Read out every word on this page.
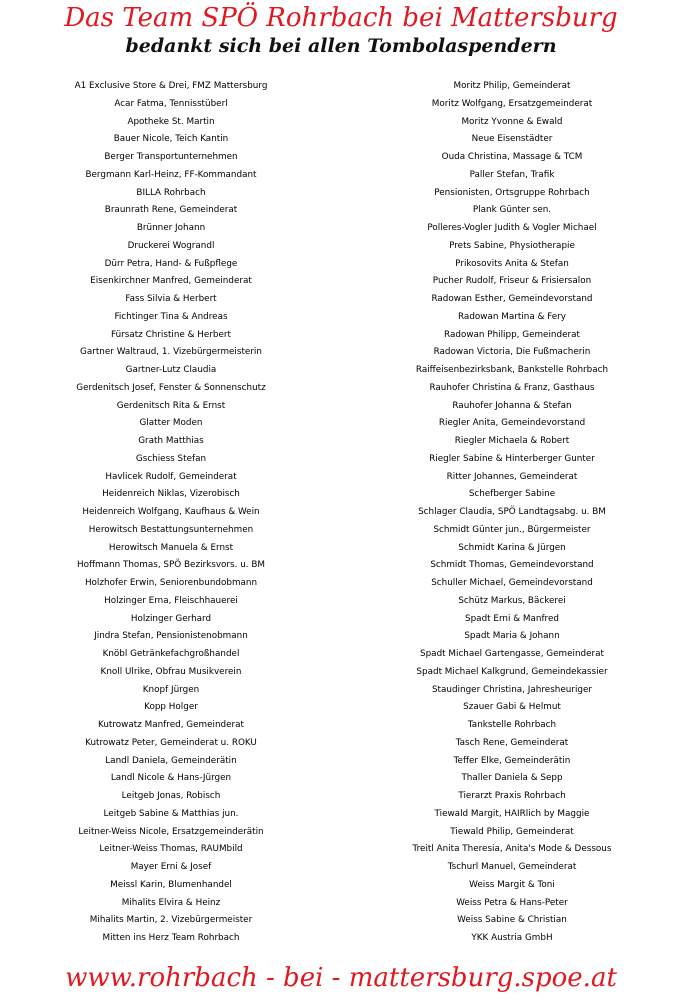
Das Team SPÖ Rohrbach bei Mattersburg
bedankt sich bei allen Tombolaspendern
A1 Exclusive Store & Drei, FMZ Mattersburg
Acar Fatma, Tennisstüberl
Apotheke St. Martin
Bauer Nicole, Teich Kantin
Berger Transportunternehmen
Bergmann Karl-Heinz, FF-Kommandant
BILLA Rohrbach
Braunrath Rene, Gemeinderat
Brünner Johann
Druckerei Wograndl
Dürr Petra, Hand- & Fußpflege
Eisenkirchner Manfred, Gemeinderat
Fass Silvia & Herbert
Fichtinger Tina & Andreas
Fürsatz Christine & Herbert
Gartner Waltraud, 1. Vizebürgermeisterin
Gartner-Lutz Claudia
Gerdenitsch Josef, Fenster & Sonnenschutz
Gerdenitsch Rita & Ernst
Glatter Moden
Grath Matthias
Gschiess Stefan
Havlicek Rudolf, Gemeinderat
Heidenreich Niklas, Vizerobisch
Heidenreich Wolfgang, Kaufhaus & Wein
Herowitsch Bestattungsunternehmen
Herowitsch Manuela & Ernst
Hoffmann Thomas, SPÖ Bezirksvors. u. BM
Holzhofer Erwin, Seniorenbundobmann
Holzinger Erna, Fleischhauerei
Holzinger Gerhard
Jindra Stefan, Pensionistenobmann
Knöbl Getränkefachgroßhandel
Knoll Ulrike, Obfrau Musikverein
Knopf Jürgen
Kopp Holger
Kutrowatz Manfred, Gemeinderat
Kutrowatz Peter, Gemeinderat u. ROKU
Landl Daniela, Gemeinderätin
Landl Nicole & Hans-Jürgen
Leitgeb Jonas, Robisch
Leitgeb Sabine & Matthias jun.
Leitner-Weiss Nicole, Ersatzgemeinderätin
Leitner-Weiss Thomas, RAUMbild
Mayer Erni & Josef
Meissl Karin, Blumenhandel
Mihalits Elvira & Heinz
Mihalits Martin, 2. Vizebürgermeister
Mitten ins Herz Team Rohrbach
Moritz Philip, Gemeinderat
Moritz Wolfgang, Ersatzgemeinderat
Moritz Yvonne & Ewald
Neue Eisenstädter
Ouda Christina, Massage & TCM
Paller Stefan, Trafik
Pensionisten, Ortsgruppe Rohrbach
Plank Günter sen.
Polleres-Vogler Judith & Vogler Michael
Prets Sabine, Physiotherapie
Prikosovits Anita & Stefan
Pucher Rudolf, Friseur & Frisiersalon
Radowan Esther, Gemeindevorstand
Radowan Martina & Fery
Radowan Philipp, Gemeinderat
Radowan Victoria, Die Fußmacherin
Raiffeisenbezirksbank, Bankstelle Rohrbach
Rauhofer Christina & Franz, Gasthaus
Rauhofer Johanna & Stefan
Riegler Anita, Gemeindevorstand
Riegler Michaela & Robert
Riegler Sabine & Hinterberger Gunter
Ritter Johannes, Gemeinderat
Schefberger Sabine
Schlager Claudia, SPÖ Landtagsabg. u. BM
Schmidt Günter jun., Bürgermeister
Schmidt Karina & Jürgen
Schmidt Thomas, Gemeindevorstand
Schuller Michael, Gemeindevorstand
Schütz Markus, Bäckerei
Spadt Erni & Manfred
Spadt Maria & Johann
Spadt Michael Gartengasse, Gemeinderat
Spadt Michael Kalkgrund, Gemeindekassier
Staudinger Christina, Jahresheuriger
Szauer Gabi & Helmut
Tankstelle Rohrbach
Tasch Rene, Gemeinderat
Teffer Elke, Gemeinderätin
Thaller Daniela & Sepp
Tierarzt Praxis Rohrbach
Tiewald Margit, HAIRlich by Maggie
Tiewald Philip, Gemeinderat
Treitl Anita Theresia, Anita's Mode & Dessous
Tschurl Manuel, Gemeinderat
Weiss Margit & Toni
Weiss Petra & Hans-Peter
Weiss Sabine & Christian
YKK Austria GmbH
www.rohrbach - bei - mattersburg.spoe.at
